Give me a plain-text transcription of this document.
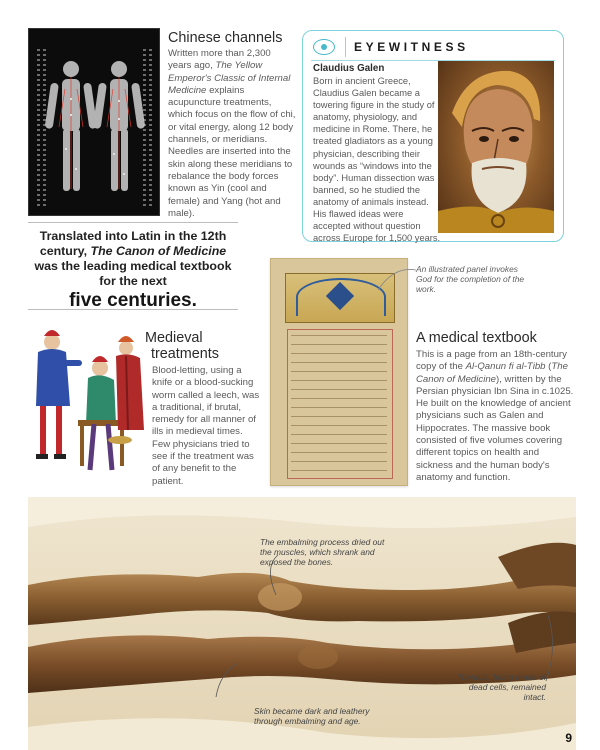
Chinese channels
Written more than 2,300 years ago, The Yellow Emperor's Classic of Internal Medicine explains acupuncture treatments, which focus on the flow of chi, or vital energy, along 12 body channels, or meridians. Needles are inserted into the skin along these meridians to rebalance the body forces known as Yin (cool and female) and Yang (hot and male).
EYEWITNESS
Claudius Galen
Born in ancient Greece, Claudius Galen became a towering figure in the study of anatomy, physiology, and medicine in Rome. There, he treated gladiators as a young physician, describing their wounds as “windows into the body”. Human dissection was banned, so he studied the anatomy of animals instead. His flawed ideas were accepted without question across Europe for 1,500 years.
Translated into Latin in the 12th century, The Canon of Medicine was the leading medical textbook for the next
five centuries.
Medieval
treatments
Blood-letting, using a knife or a blood-sucking worm called a leech, was a traditional, if brutal, remedy for all manner of ills in medieval times. Few physicians tried to see if the treatment was of any benefit to the patient.
An illustrated panel invokes God for the completion of the work.
A medical textbook
This is a page from an 18th-century copy of the Al-Qanun fi al-Tibb (The Canon of Medicine), written by the Persian physician Ibn Sina in c.1025. He built on the knowledge of ancient physicians such as Galen and Hippocrates. The massive book consisted of five volumes covering different topics on health and sickness and the human body's anatomy and function.
The embalming process dried out the muscles, which shrank and exposed the bones.
Toenails, being made of dead cells, remained intact.
Skin became dark and leathery through embalming and age.
9
